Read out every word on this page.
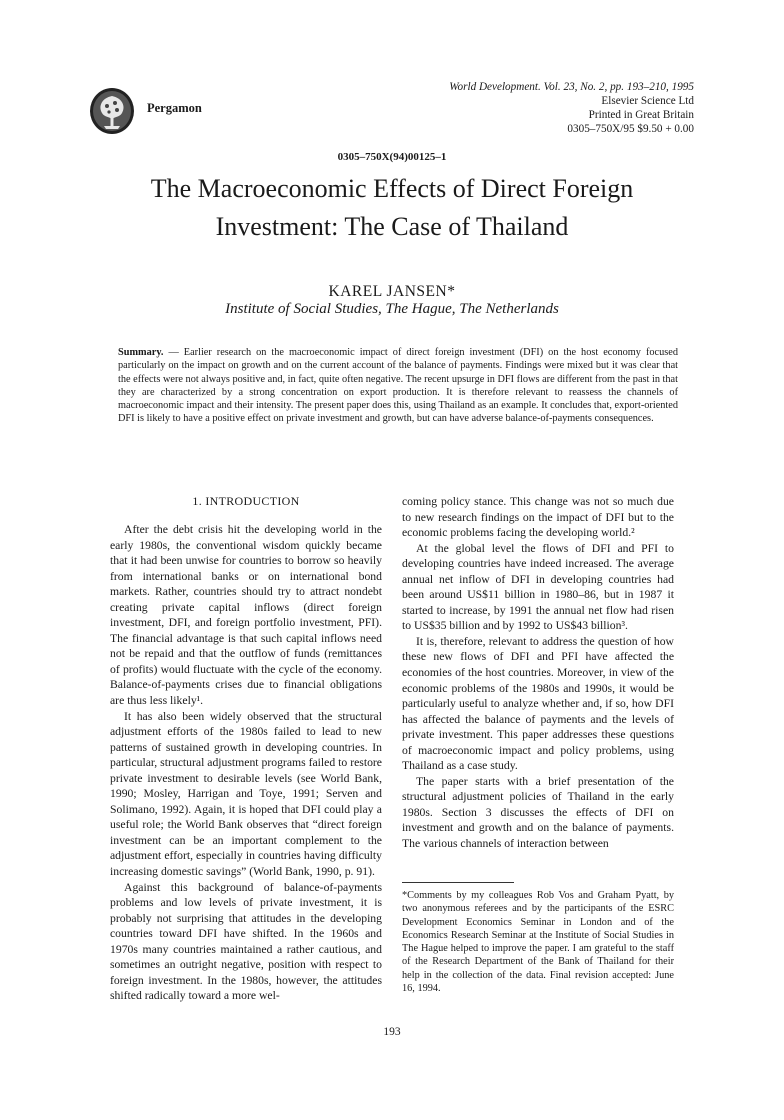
Pergamon
World Development. Vol. 23, No. 2, pp. 193–210, 1995
Elsevier Science Ltd
Printed in Great Britain
0305–750X/95 $9.50 + 0.00
0305–750X(94)00125–1
The Macroeconomic Effects of Direct Foreign
Investment: The Case of Thailand
KAREL JANSEN*
Institute of Social Studies, The Hague, The Netherlands
Summary. — Earlier research on the macroeconomic impact of direct foreign investment (DFI) on the host economy focused particularly on the impact on growth and on the current account of the balance of payments. Findings were mixed but it was clear that the effects were not always positive and, in fact, quite often negative. The recent upsurge in DFI flows are different from the past in that they are characterized by a strong concentration on export production. It is therefore relevant to reassess the channels of macroeconomic impact and their intensity. The present paper does this, using Thailand as an example. It concludes that, export-oriented DFI is likely to have a positive effect on private investment and growth, but can have adverse balance-of-payments consequences.
1. INTRODUCTION

After the debt crisis hit the developing world in the early 1980s, the conventional wisdom quickly became that it had been unwise for countries to borrow so heavily from international banks or on international bond markets. Rather, countries should try to attract nondebt creating private capital inflows (direct foreign investment, DFI, and foreign portfolio investment, PFI). The financial advantage is that such capital inflows need not be repaid and that the outflow of funds (remittances of profits) would fluctuate with the cycle of the economy. Balance-of-payments crises due to financial obligations are thus less likely¹.

It has also been widely observed that the structural adjustment efforts of the 1980s failed to lead to new patterns of sustained growth in developing countries. In particular, structural adjustment programs failed to restore private investment to desirable levels (see World Bank, 1990; Mosley, Harrigan and Toye, 1991; Serven and Solimano, 1992). Again, it is hoped that DFI could play a useful role; the World Bank observes that “direct foreign investment can be an important complement to the adjustment effort, especially in countries having difficulty increasing domestic savings” (World Bank, 1990, p. 91).

Against this background of balance-of-payments problems and low levels of private investment, it is probably not surprising that attitudes in the developing countries toward DFI have shifted. In the 1960s and 1970s many countries maintained a rather cautious, and sometimes an outright negative, position with respect to foreign investment. In the 1980s, however, the attitudes shifted radically toward a more wel-

coming policy stance. This change was not so much due to new research findings on the impact of DFI but to the economic problems facing the developing world.²

At the global level the flows of DFI and PFI to developing countries have indeed increased. The average annual net inflow of DFI in developing countries had been around US$11 billion in 1980–86, but in 1987 it started to increase, by 1991 the annual net flow had risen to US$35 billion and by 1992 to US$43 billion³.

It is, therefore, relevant to address the question of how these new flows of DFI and PFI have affected the economies of the host countries. Moreover, in view of the economic problems of the 1980s and 1990s, it would be particularly useful to analyze whether and, if so, how DFI has affected the balance of payments and the levels of private investment. This paper addresses these questions of macroeconomic impact and policy problems, using Thailand as a case study.

The paper starts with a brief presentation of the structural adjustment policies of Thailand in the early 1980s. Section 3 discusses the effects of DFI on investment and growth and on the balance of payments. The various channels of interaction between

*Comments by my colleagues Rob Vos and Graham Pyatt, by two anonymous referees and by the participants of the ESRC Development Economics Seminar in London and of the Economics Research Seminar at the Institute of Social Studies in The Hague helped to improve the paper. I am grateful to the staff of the Research Department of the Bank of Thailand for their help in the collection of the data. Final revision accepted: June 16, 1994.
193
